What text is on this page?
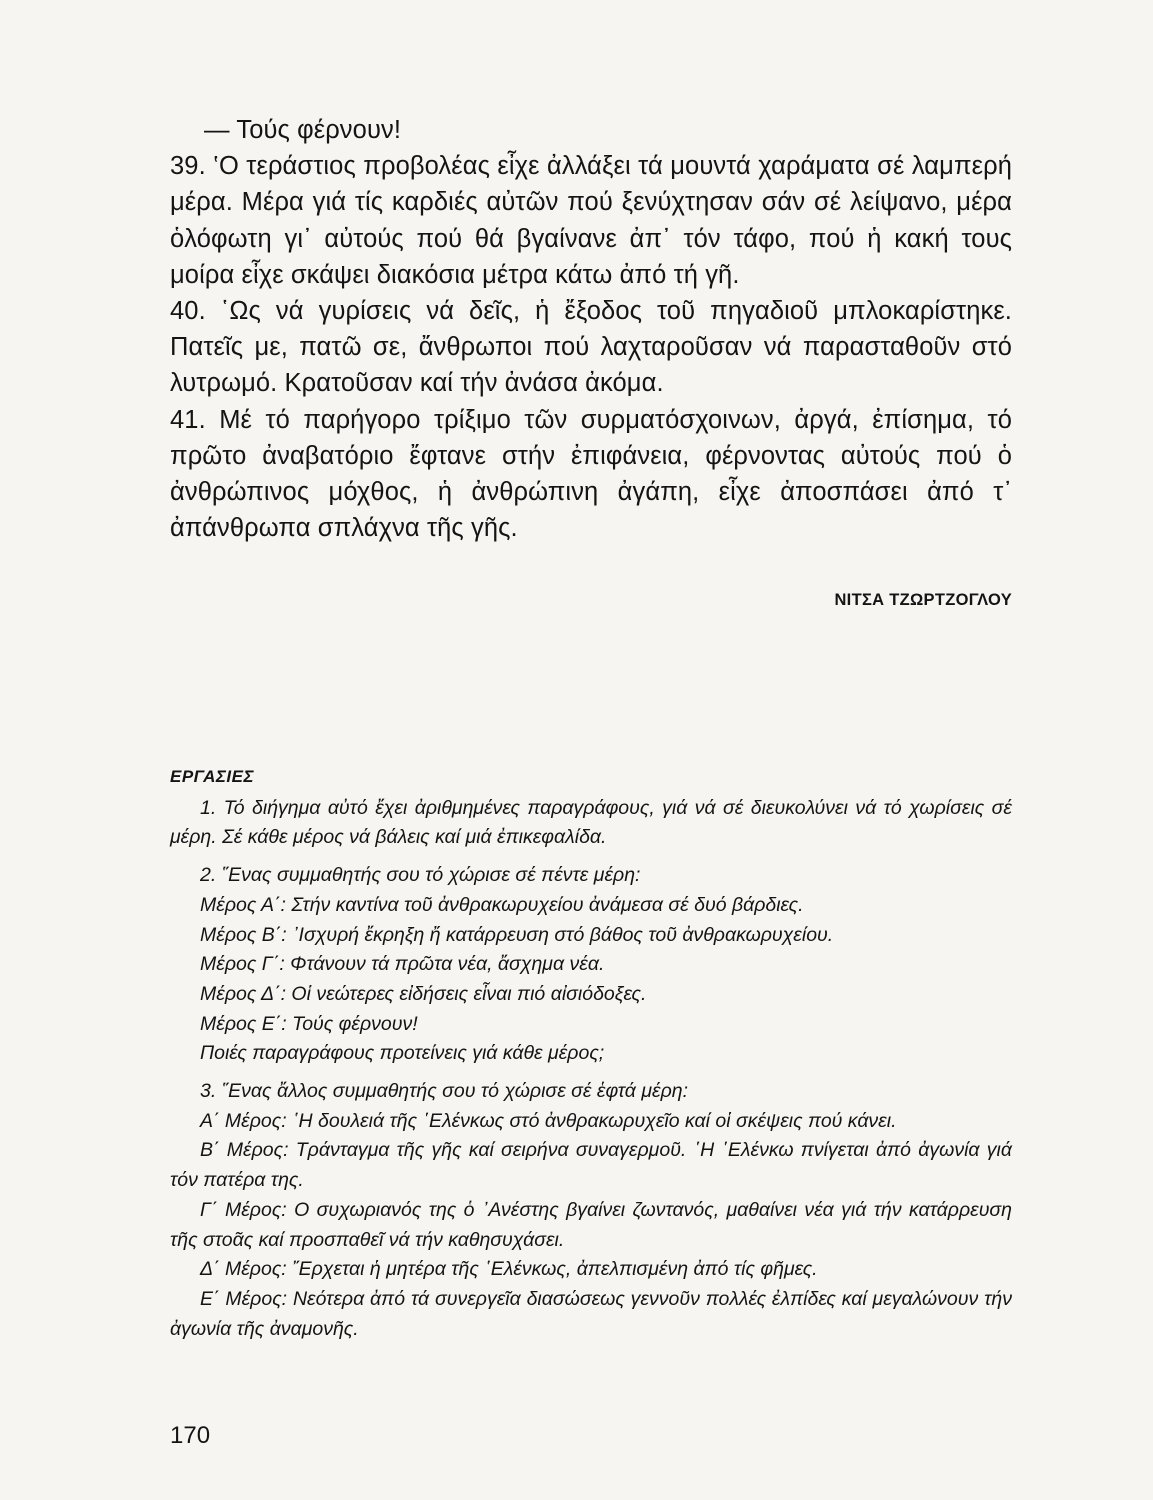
— Τούς φέρνουν!

39. ‛Ο τεράστιος προβολέας εἶχε ἀλλάξει τά μουντά χαράματα σέ λαμπερή μέρα. Μέρα γιά τίς καρδιές αὐτῶν πού ξενύχτησαν σάν σέ λείψανο, μέρα ὁλόφωτη γι᾽ αὐτούς πού θά βγαίνανε ἀπ᾽ τόν τάφο, πού ἡ κακή τους μοίρα εἶχε σκάψει διακόσια μέτρα κάτω ἀπό τή γῆ.

40. ῾Ως νά γυρίσεις νά δεῖς, ἡ ἔξοδος τοῦ πηγαδιοῦ μπλοκαρίστηκε. Πατεῖς με, πατῶ σε, ἄνθρωποι πού λαχταροῦσαν νά παρασταθοῦν στό λυτρωμό. Κρατοῦσαν καί τήν ἀνάσα ἀκόμα.

41. Μέ τό παρήγορο τρίξιμο τῶν συρματόσχοινων, ἀργά, ἐπίσημα, τό πρῶτο ἀναβατόριο ἔφτανε στήν ἐπιφάνεια, φέρνοντας αὐτούς πού ὁ ἀνθρώπινος μόχθος, ἡ ἀνθρώπινη ἀγάπη, εἶχε ἀποσπάσει ἀπό τ᾽ ἀπάνθρωπα σπλάχνα τῆς γῆς.

ΝΙΤΣΑ ΤΖΩΡΤΖΟΓΛΟΥ

ΕΡΓΑΣΙΕΣ

1. Τό διήγημα αὐτό ἔχει ἀριθμημένες παραγράφους, γιά νά σέ διευκολύνει νά τό χωρίσεις σέ μέρη. Σέ κάθε μέρος νά βάλεις καί μιά ἐπικεφαλίδα.

2. ῞Ενας συμμαθητής σου τό χώρισε σέ πέντε μέρη:

Μέρος Α΄: Στήν καντίνα τοῦ ἀνθρακωρυχείου ἀνάμεσα σέ δυό βάρδιες.

Μέρος Β΄: ᾿Ισχυρή ἔκρηξη ἤ κατάρρευση στό βάθος τοῦ ἀνθρακωρυχείου.

Μέρος Γ΄: Φτάνουν τά πρῶτα νέα, ἄσχημα νέα.

Μέρος Δ΄: Οἱ νεώτερες εἰδήσεις εἶναι πιό αἰσιόδοξες.

Μέρος Ε΄: Τούς φέρνουν!

Ποιές παραγράφους προτείνεις γιά κάθε μέρος;

3. ῞Ενας ἄλλος συμμαθητής σου τό χώρισε σέ ἑφτά μέρη:

Α΄ Μέρος: ῾Η δουλειά τῆς ῾Ελένκως στό ἀνθρακωρυχεῖο καί οἱ σκέψεις πού κάνει.

Β΄ Μέρος: Τράνταγμα τῆς γῆς καί σειρήνα συναγερμοῦ. ῾Η ῾Ελένκω πνίγεται ἀπό ἀγωνία γιά τόν πατέρα της.

Γ΄ Μέρος: Ο συχωριανός της ὁ ᾿Ανέστης βγαίνει ζωντανός, μαθαίνει νέα γιά τήν κατάρρευση τῆς στοᾶς καί προσπαθεῖ νά τήν καθησυχάσει.

Δ΄ Μέρος: ῎Ερχεται ἡ μητέρα τῆς ῾Ελένκως, ἀπελπισμένη ἀπό τίς φῆμες.

Ε΄ Μέρος: Νεότερα ἀπό τά συνεργεῖα διασώσεως γεννοῦν πολλές ἐλπίδες καί μεγαλώνουν τήν ἀγωνία τῆς ἀναμονῆς.

170
